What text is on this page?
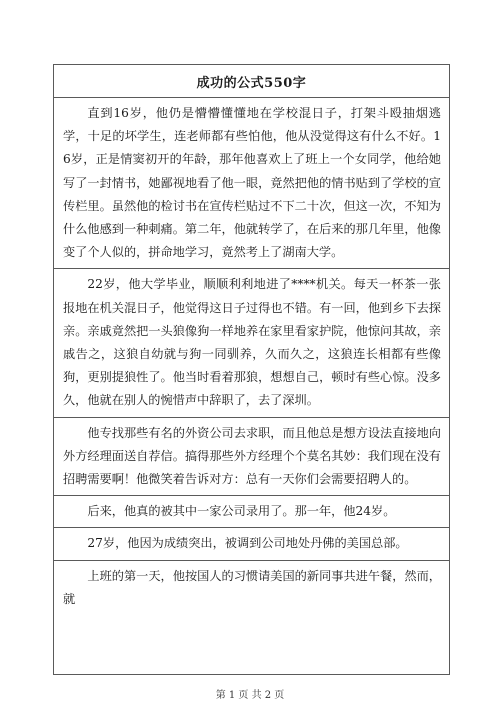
成功的公式550字
直到16岁，他仍是懵懵懂懂地在学校混日子，打架斗殴抽烟逃学，十足的坏学生，连老师都有些怕他，他从没觉得这有什么不好。16岁，正是情窦初开的年龄，那年他喜欢上了班上一个女同学，他给她写了一封情书，她鄙视地看了他一眼，竟然把他的情书贴到了学校的宣传栏里。虽然他的检讨书在宣传栏贴过不下二十次，但这一次，不知为什么他感到一种刺痛。第二年，他就转学了，在后来的那几年里，他像变了个人似的，拼命地学习，竟然考上了湖南大学。
22岁，他大学毕业，顺顺利利地进了****机关。每天一杯茶一张报地在机关混日子，他觉得这日子过得也不错。有一回，他到乡下去探亲。亲戚竟然把一头狼像狗一样地养在家里看家护院，他惊问其故，亲戚告之，这狼自幼就与狗一同驯养，久而久之，这狼连长相都有些像狗，更别提狼性了。他当时看着那狼，想想自己，顿时有些心惊。没多久，他就在别人的惋惜声中辞职了，去了深圳。
他专找那些有名的外资公司去求职，而且他总是想方设法直接地向外方经理面送自荐信。搞得那些外方经理个个莫名其妙：我们现在没有招聘需要啊！他微笑着告诉对方：总有一天你们会需要招聘人的。
后来，他真的被其中一家公司录用了。那一年，他24岁。
27岁，他因为成绩突出，被调到公司地处丹佛的美国总部。
上班的第一天，他按国人的习惯请美国的新同事共进午餐，然而，就
第 1 页 共 2 页
